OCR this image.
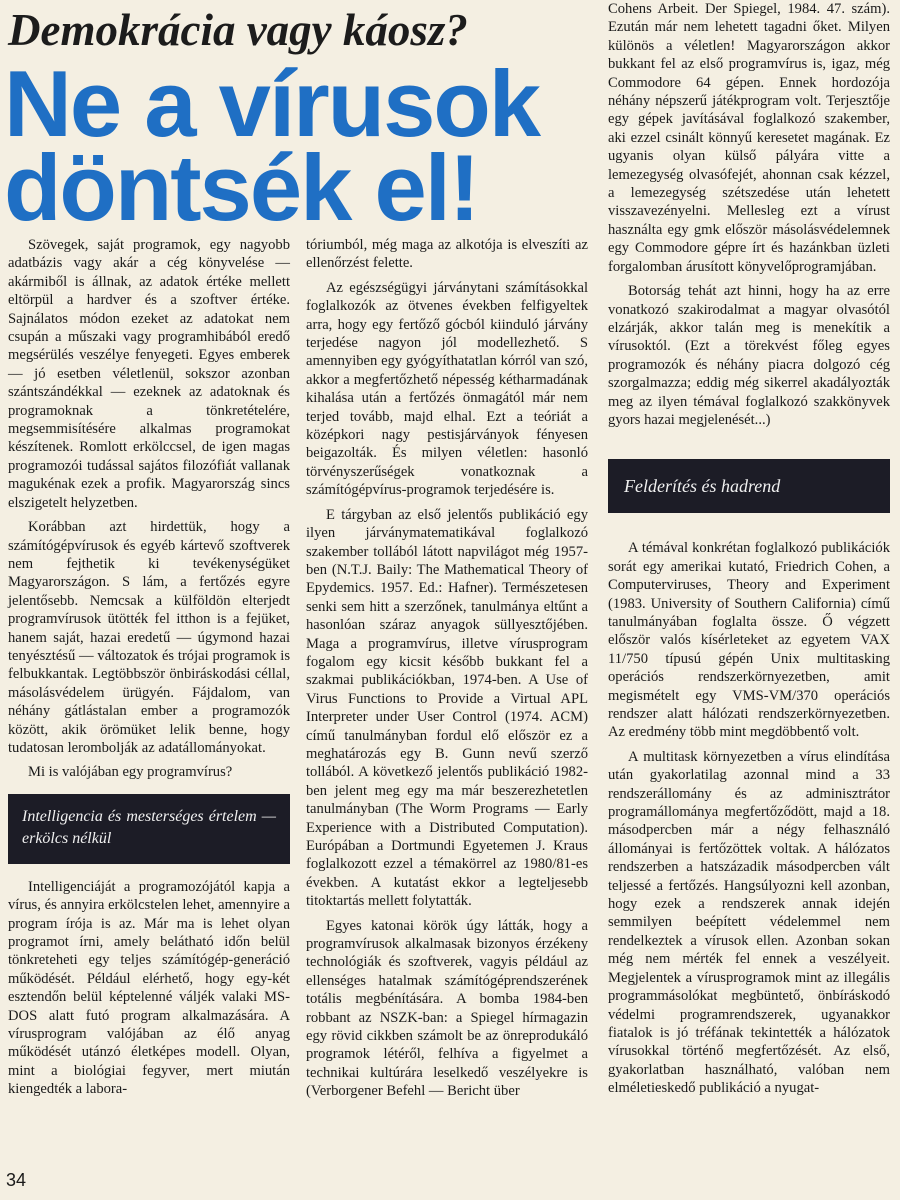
Demokrácia vagy káosz?
Ne a vírusok
döntsék el!

Szövegek, saját programok, egy nagyobb adatbázis vagy akár a cég könyvelése — akármiből is állnak, az adatok értéke mellett eltörpül a hardver és a szoftver értéke. Sajnálatos módon ezeket az adatokat nem csupán a műszaki vagy programhibából eredő megsérülés veszélye fenyegeti. Egyes emberek — jó esetben véletlenül, sokszor azonban szántszándékkal — ezeknek az adatoknak és programoknak a tönkretételére, megsemmisítésére alkalmas programokat készítenek. Romlott erkölccsel, de igen magas programozói tudással sajátos filozófiát vallanak magukénak ezek a profik. Magyarország sincs elszigetelt helyzetben.

Korábban azt hirdettük, hogy a számítógépvírusok és egyéb kártevő szoftverek nem fejthetik ki tevékenységüket Magyarországon. S lám, a fertőzés egyre jelentősebb. Nemcsak a külföldön elterjedt programvírusok ütötték fel itthon is a fejüket, hanem saját, hazai eredetű — úgymond hazai tenyésztésű — változatok és trójai programok is felbukkantak. Legtöbbször önbiráskodási céllal, másolásvédelem ürügyén. Fájdalom, van néhány gátlástalan ember a programozók között, akik örömüket lelik benne, hogy tudatosan lerombolják az adatállományokat.

Mi is valójában egy programvírus?

Intelligencia és mesterséges értelem — erkölcs nélkül

Intelligenciáját a programozójától kapja a vírus, és annyira erkölcstelen lehet, amennyire a program írója is az. Már ma is lehet olyan programot írni, amely belátható időn belül tönkreteheti egy teljes számítógép-generáció működését. Például elérhető, hogy egy-két esztendőn belül képtelenné váljék valaki MS-DOS alatt futó program alkalmazására. A vírusprogram valójában az élő anyag működését utánzó életképes modell. Olyan, mint a biológiai fegyver, mert miután kiengedték a labora-

tóriumból, még maga az alkotója is elveszíti az ellenőrzést felette.

Az egészségügyi járványtani számításokkal foglalkozók az ötvenes években felfigyeltek arra, hogy egy fertőző gócból kiinduló járvány terjedése nagyon jól modellezhető. S amennyiben egy gyógyíthatatlan kórról van szó, akkor a megfertőzhető népesség kétharmadának kihalása után a fertőzés önmagától már nem terjed tovább, majd elhal. Ezt a teóriát a középkori nagy pestisjárványok fényesen beigazolták. És milyen véletlen: hasonló törvényszerűségek vonatkoznak a számítógépvírus-programok terjedésére is.

E tárgyban az első jelentős publikáció egy ilyen járványmatematikával foglalkozó szakember tollából látott napvilágot még 1957-ben (N.T.J. Baily: The Mathematical Theory of Epydemics. 1957. Ed.: Hafner). Természetesen senki sem hitt a szerzőnek, tanulmánya eltűnt a hasonlóan száraz anyagok süllyesztőjében. Maga a programvírus, illetve vírusprogram fogalom egy kicsit később bukkant fel a szakmai publikációkban, 1974-ben. A Use of Virus Functions to Provide a Virtual APL Interpreter under User Control (1974. ACM) című tanulmányban fordul elő először ez a meghatározás egy B. Gunn nevű szerző tollából. A következő jelentős publikáció 1982-ben jelent meg egy ma már beszerezhetetlen tanulmányban (The Worm Programs — Early Experience with a Distributed Computation). Európában a Dortmundi Egyetemen J. Kraus foglalkozott ezzel a témakörrel az 1980/81-es években. A kutatást ekkor a legteljesebb titoktartás mellett folytatták.

Egyes katonai körök úgy látták, hogy a programvírusok alkalmasak bizonyos érzékeny technológiák és szoftverek, vagyis például az ellenséges hatalmak számítógéprendszerének totális megbénítására. A bomba 1984-ben robbant az NSZK-ban: a Spiegel hírmagazin egy rövid cikkben számolt be az önreprodukáló programok létéről, felhíva a figyelmet a technikai kultúrára leselkedő veszélyekre is (Verborgener Befehl — Bericht über

Cohens Arbeit. Der Spiegel, 1984. 47. szám). Ezután már nem lehetett tagadni őket. Milyen különös a véletlen! Magyarországon akkor bukkant fel az első programvírus is, igaz, még Commodore 64 gépen. Ennek hordozója néhány népszerű játékprogram volt. Terjesztője egy gépek javításával foglalkozó szakember, aki ezzel csinált könnyű keresetet magának. Ez ugyanis olyan külső pályára vitte a lemezegység olvasófejét, ahonnan csak kézzel, a lemezegység szétszedése után lehetett visszavezényelni. Mellesleg ezt a vírust használta egy gmk először másolásvédelemnek egy Commodore gépre írt és hazánkban üzleti forgalomban árusított könyvelőprogramjában.

Botorság tehát azt hinni, hogy ha az erre vonatkozó szakirodalmat a magyar olvasótól elzárják, akkor talán meg is menekítik a vírusoktól. (Ezt a törekvést főleg egyes programozók és néhány piacra dolgozó cég szorgalmazza; eddig még sikerrel akadályozták meg az ilyen témával foglalkozó szakkönyvek gyors hazai megjelenését...)

Felderítés és hadrend

A témával konkrétan foglalkozó publikációk sorát egy amerikai kutató, Friedrich Cohen, a Computerviruses, Theory and Experiment (1983. University of Southern California) című tanulmányában foglalta össze. Ő végzett először valós kísérleteket az egyetem VAX 11/750 típusú gépén Unix multitasking operációs rendszerkörnyezetben, amit megismételt egy VMS-VM/370 operációs rendszer alatt hálózati rendszerkörnyezetben. Az eredmény több mint megdöbbentő volt.

A multitask környezetben a vírus elindítása után gyakorlatilag azonnal mind a 33 rendszerállomány és az adminisztrátor programállománya megfertőződött, majd a 18. másodpercben már a négy felhasználó állományai is fertőzöttek voltak. A hálózatos rendszerben a hatszázadik másodpercben vált teljessé a fertőzés. Hangsúlyozni kell azonban, hogy ezek a rendszerek annak idején semmilyen beépített védelemmel nem rendelkeztek a vírusok ellen. Azonban sokan még nem mérték fel ennek a veszélyeit. Megjelentek a vírusprogramok mint az illegális programmásolókat megbüntető, önbíráskodó védelmi programrendszerek, ugyanakkor fiatalok is jó tréfának tekintették a hálózatok vírusokkal történő megfertőzését. Az első, gyakorlatban használható, valóban nem elméletieskedő publikáció a nyugat-

34
